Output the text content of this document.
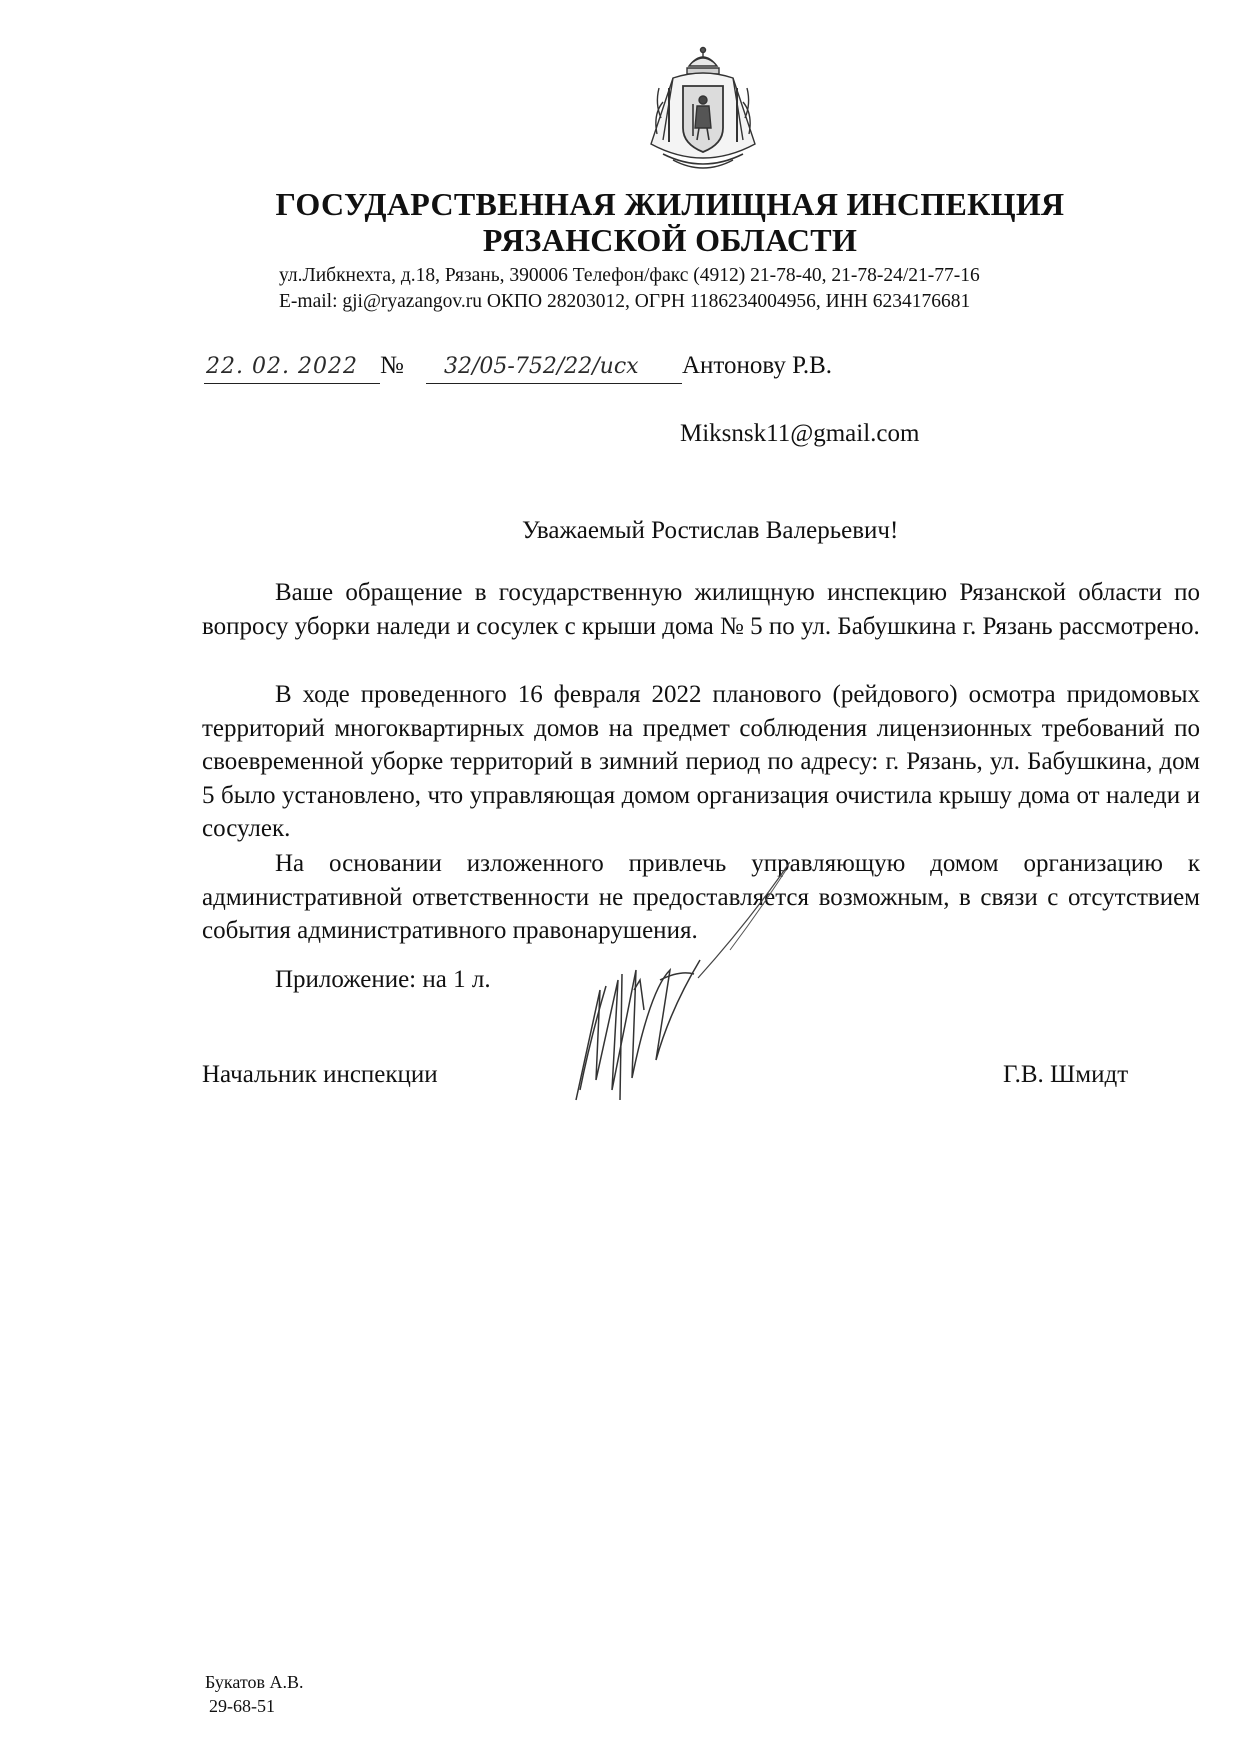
ГОСУДАРСТВЕННАЯ ЖИЛИЩНАЯ ИНСПЕКЦИЯ
РЯЗАНСКОЙ ОБЛАСТИ
ул.Либкнехта, д.18, Рязань, 390006 Телефон/факс (4912) 21-78-40, 21-78-24/21-77-16
E-mail: gji@ryazangov.ru ОКПО 28203012, ОГРН 1186234004956, ИНН 6234176681
22. 02. 2022 № 32/05-752/22/исх Антонову Р.В.
Miksnsk11@gmail.com
Уважаемый Ростислав Валерьевич!

Ваше обращение в государственную жилищную инспекцию Рязанской области по вопросу уборки наледи и сосулек с крыши дома № 5 по ул. Бабушкина г. Рязань рассмотрено.

В ходе проведенного 16 февраля 2022 планового (рейдового) осмотра придомовых территорий многоквартирных домов на предмет соблюдения лицензионных требований по своевременной уборке территорий в зимний период по адресу: г. Рязань, ул. Бабушкина, дом 5 было установлено, что управляющая домом организация очистила крышу дома от наледи и сосулек.

На основании изложенного привлечь управляющую домом организацию к административной ответственности не предоставляется возможным, в связи с отсутствием события административного правонарушения.

Приложение: на 1 л.
Начальник инспекции	Г.В. Шмидт
Букатов А.В.
29-68-51
